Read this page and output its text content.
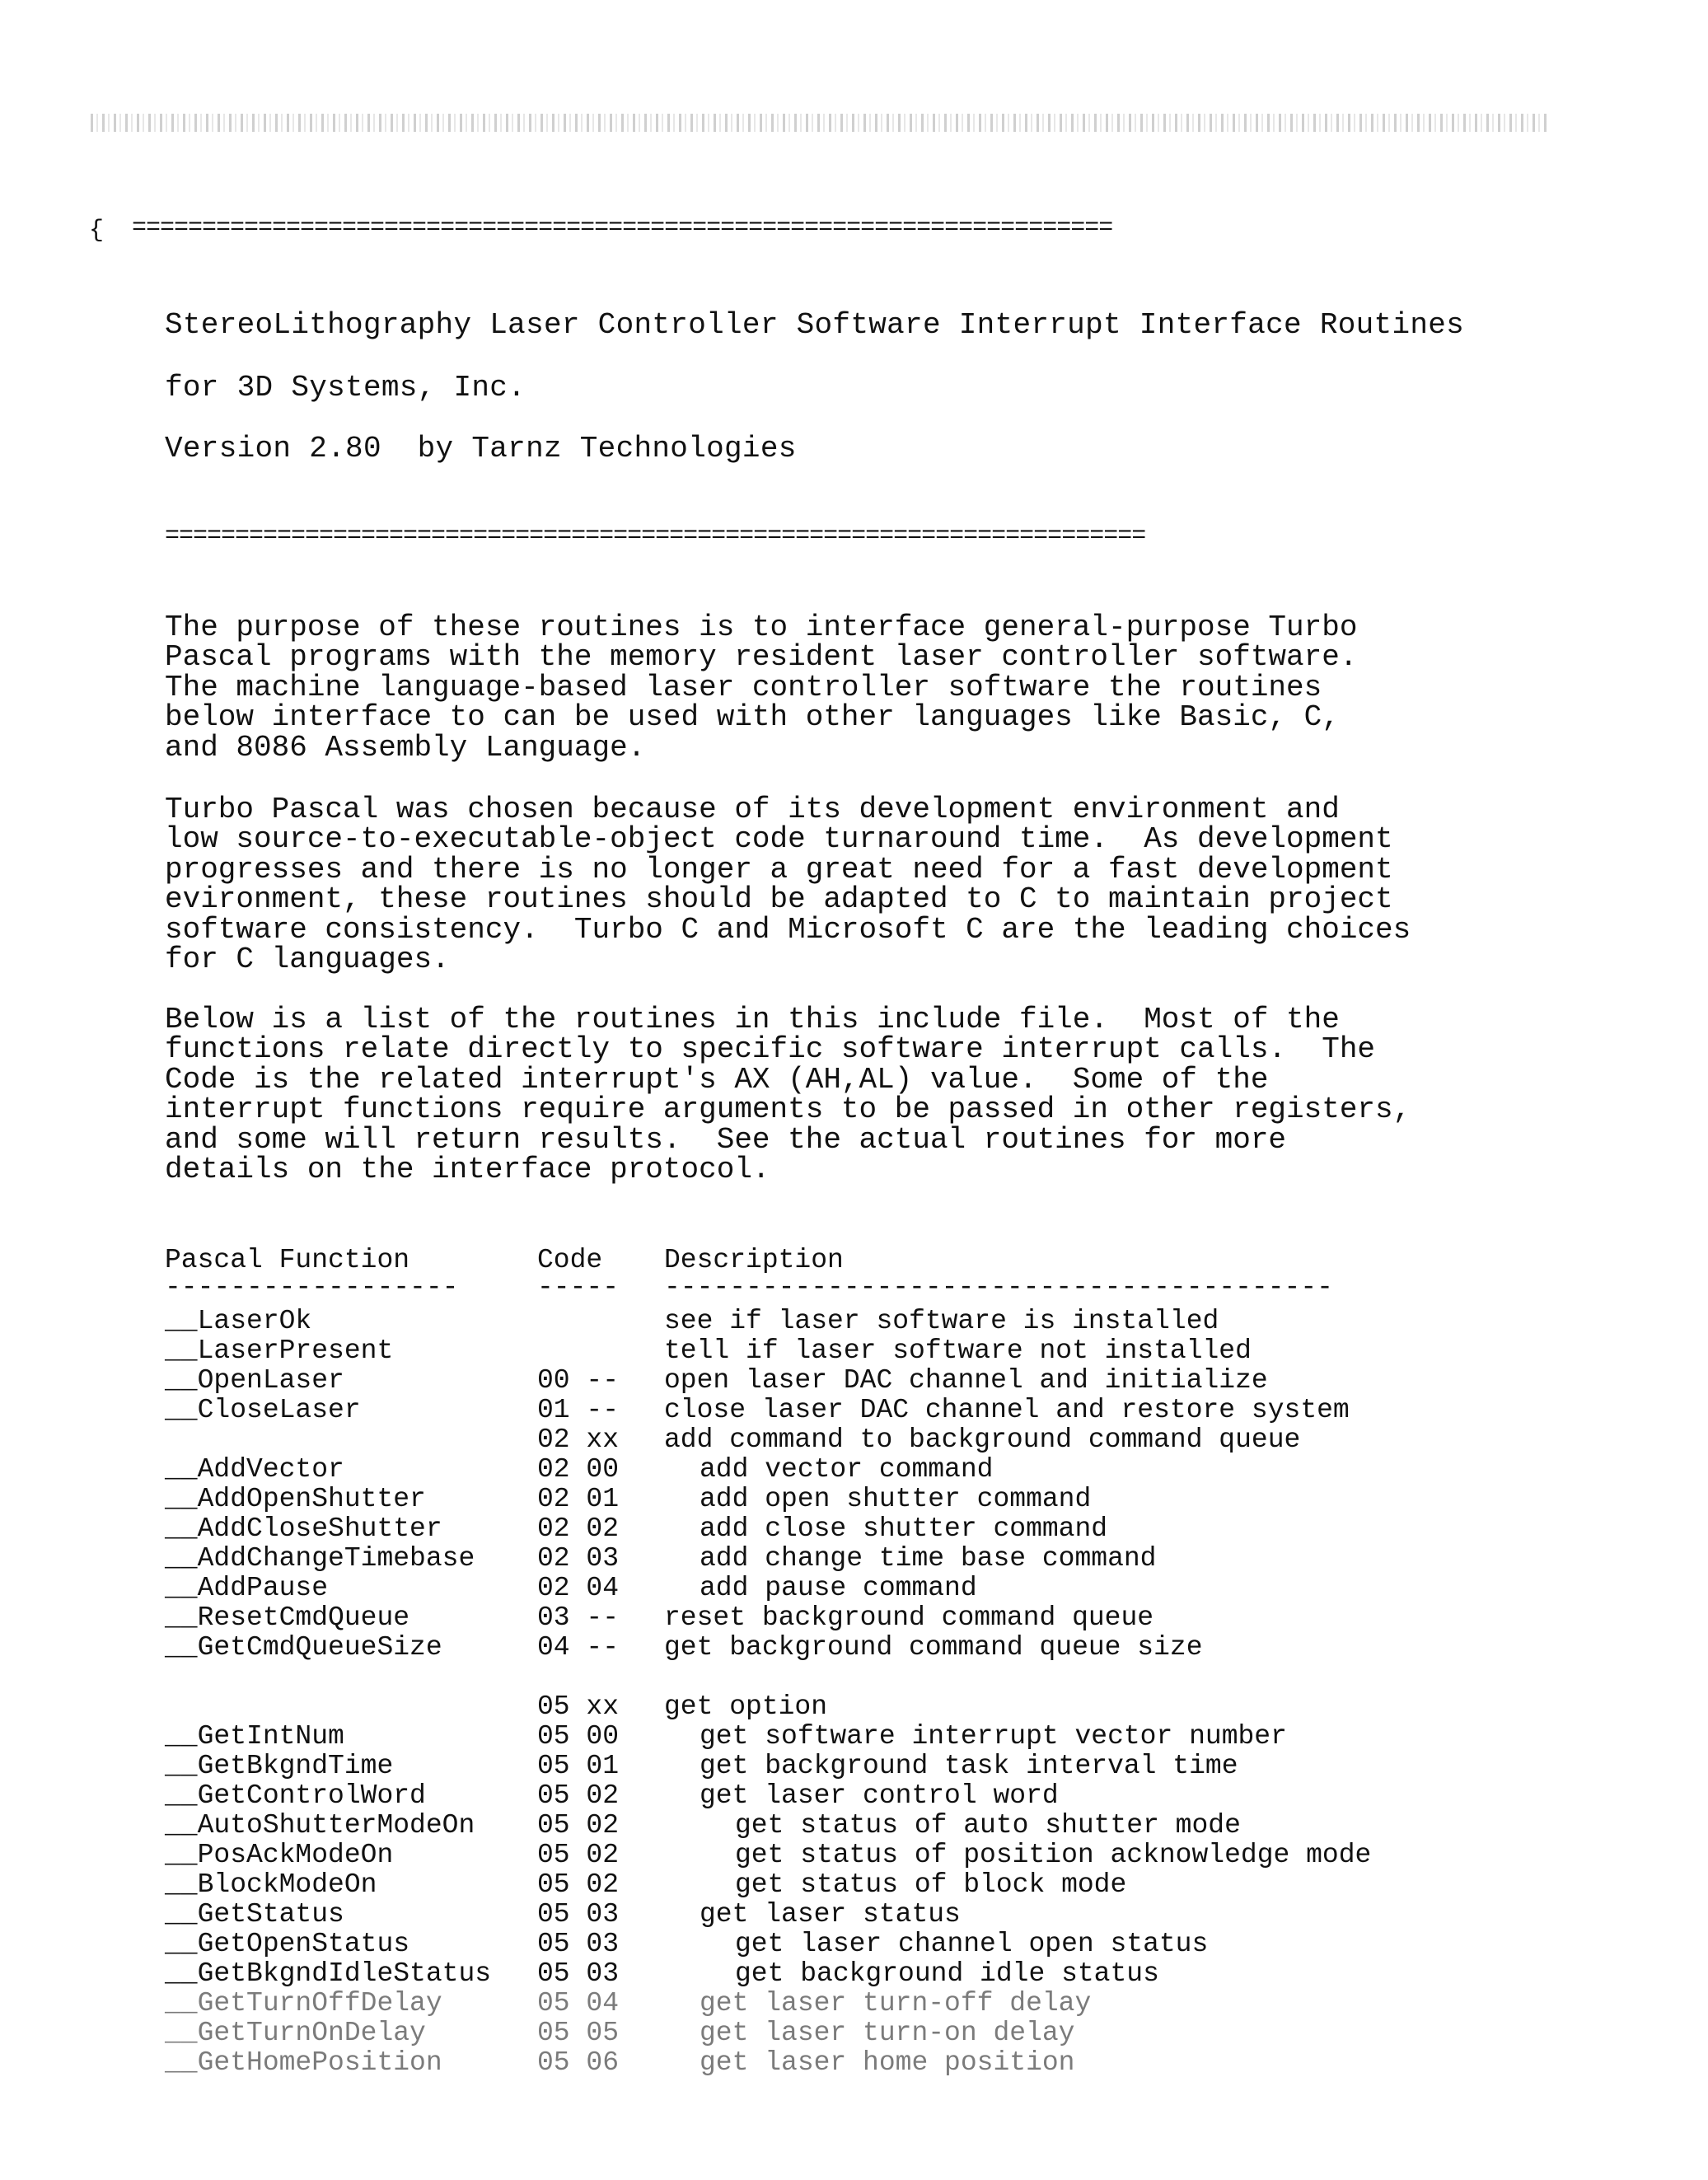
{ ======================================================================
StereoLithography Laser Controller Software Interrupt Interface Routines
for 3D Systems, Inc.
Version 2.80  by Tarnz Technologies
======================================================================
The purpose of these routines is to interface general-purpose Turbo
Pascal programs with the memory resident laser controller software.
The machine language-based laser controller software the routines
below interface to can be used with other languages like Basic, C,
and 8086 Assembly Language.
Turbo Pascal was chosen because of its development environment and
low source-to-executable-object code turnaround time.  As development
progresses and there is no longer a great need for a fast development
evironment, these routines should be adapted to C to maintain project
software consistency.  Turbo C and Microsoft C are the leading choices
for C languages.
Below is a list of the routines in this include file.  Most of the
functions relate directly to specific software interrupt calls.  The
Code is the related interrupt's AX (AH,AL) value.  Some of the
interrupt functions require arguments to be passed in other registers,
and some will return results.  See the actual routines for more
details on the interface protocol.

Pascal Function

	Code

Description

------------------

	-----

-----------------------------------------

__LaserOk	see if laser software is installed
__LaserPresent	tell if laser software not installed
__OpenLaser	00 -- open laser DAC channel and initialize
__CloseLaser	01 -- close laser DAC channel and restore system
02 xx add command to background command queue
__AddVector	02 00	add vector command
__AddOpenShutter	02 01	add open shutter command
__AddCloseShutter	02 02	add close shutter command
__AddChangeTimebase 02 03	add change time base command
__AddPause	02 04	add pause command
__ResetCmdQueue	03 -- reset background command queue
__GetCmdQueueSize	04 -- get background command queue size
05 xx get option
__GetIntNum	05 00	get software interrupt vector number
__GetBkgndTime	05 01	get background task interval time
__GetControlWord	05 02	get laser control word
__AutoShutterModeOn 05 02	get status of auto shutter mode
__PosAckModeOn	05 02	get status of position acknowledge mode
__BlockModeOn	05 02	get status of block mode
__GetStatus	05 03	get laser status
__GetOpenStatus	05 03	get laser channel open status
__GetBkgndIdleStatus 05 03	get background idle status
__GetTurnOffDelay	05 04	get laser turn-off delay
__GetTurnOnDelay	05 05	get laser turn-on delay
__GetHomePosition	05 06	get laser home position
